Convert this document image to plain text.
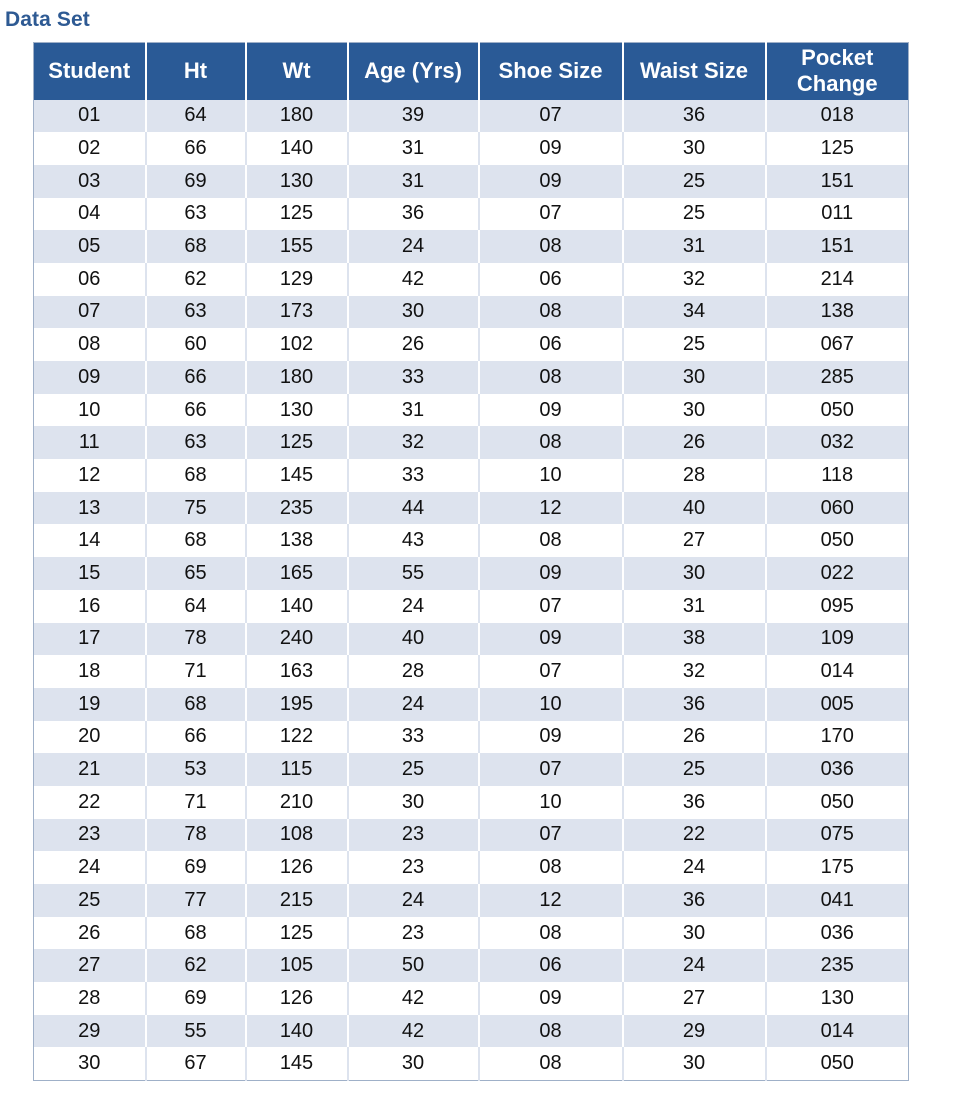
Data Set
Student	Ht	Wt	Age (Yrs)	Shoe Size	Waist Size	Pocket Change
01	64	180	39	07	36	018
02	66	140	31	09	30	125
03	69	130	31	09	25	151
04	63	125	36	07	25	011
05	68	155	24	08	31	151
06	62	129	42	06	32	214
07	63	173	30	08	34	138
08	60	102	26	06	25	067
09	66	180	33	08	30	285
10	66	130	31	09	30	050
11	63	125	32	08	26	032
12	68	145	33	10	28	118
13	75	235	44	12	40	060
14	68	138	43	08	27	050
15	65	165	55	09	30	022
16	64	140	24	07	31	095
17	78	240	40	09	38	109
18	71	163	28	07	32	014
19	68	195	24	10	36	005
20	66	122	33	09	26	170
21	53	115	25	07	25	036
22	71	210	30	10	36	050
23	78	108	23	07	22	075
24	69	126	23	08	24	175
25	77	215	24	12	36	041
26	68	125	23	08	30	036
27	62	105	50	06	24	235
28	69	126	42	09	27	130
29	55	140	42	08	29	014
30	67	145	30	08	30	050
